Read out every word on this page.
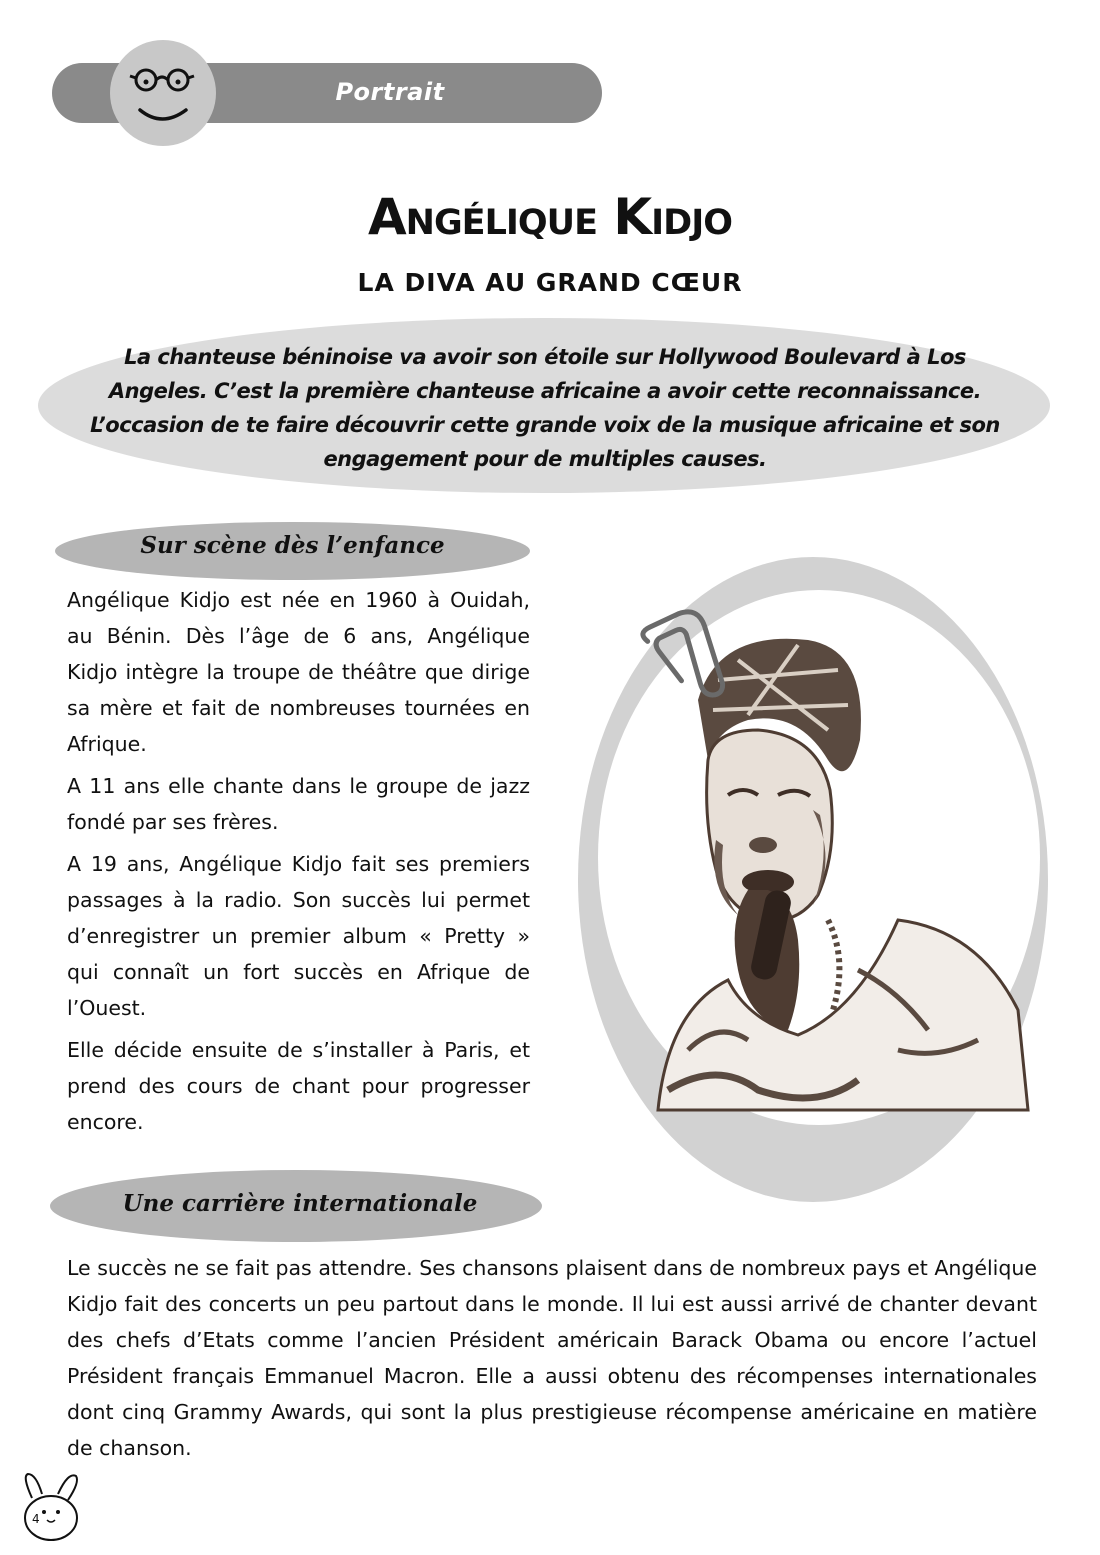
Portrait
Angélique Kidjo
LA DIVA AU GRAND CŒUR
La chanteuse béninoise va avoir son étoile sur Hollywood Boulevard à Los Angeles. C’est la première chanteuse africaine a avoir cette reconnaissance. L’occasion de te faire découvrir cette grande voix de la musique africaine et son engagement pour de multiples causes.
Sur scène dès l’enfance

Angélique Kidjo est née en 1960 à Ouidah, au Bénin. Dès l’âge de 6 ans, Angélique Kidjo intègre la troupe de théâtre que dirige sa mère et fait de nombreuses tournées en Afrique.

A 11 ans elle chante dans le groupe de jazz fondé par ses frères.

A 19 ans, Angélique Kidjo fait ses premiers passages à la radio. Son succès lui permet d’enregistrer un premier album « Pretty » qui connaît un fort succès en Afrique de l’Ouest.

Elle décide ensuite de s’installer à Paris, et prend des cours de chant pour progresser encore.

Une carrière internationale

Le succès ne se fait pas attendre. Ses chansons plaisent dans de nombreux pays et Angélique Kidjo fait des concerts un peu partout dans le monde. Il lui est aussi arrivé de chanter devant des chefs d’Etats comme l’ancien Président américain Barack Obama ou encore l’actuel Président français Emmanuel Macron. Elle a aussi obtenu des récompenses internationales dont cinq Grammy Awards, qui sont la plus prestigieuse récompense américaine en matière de chanson.

4
